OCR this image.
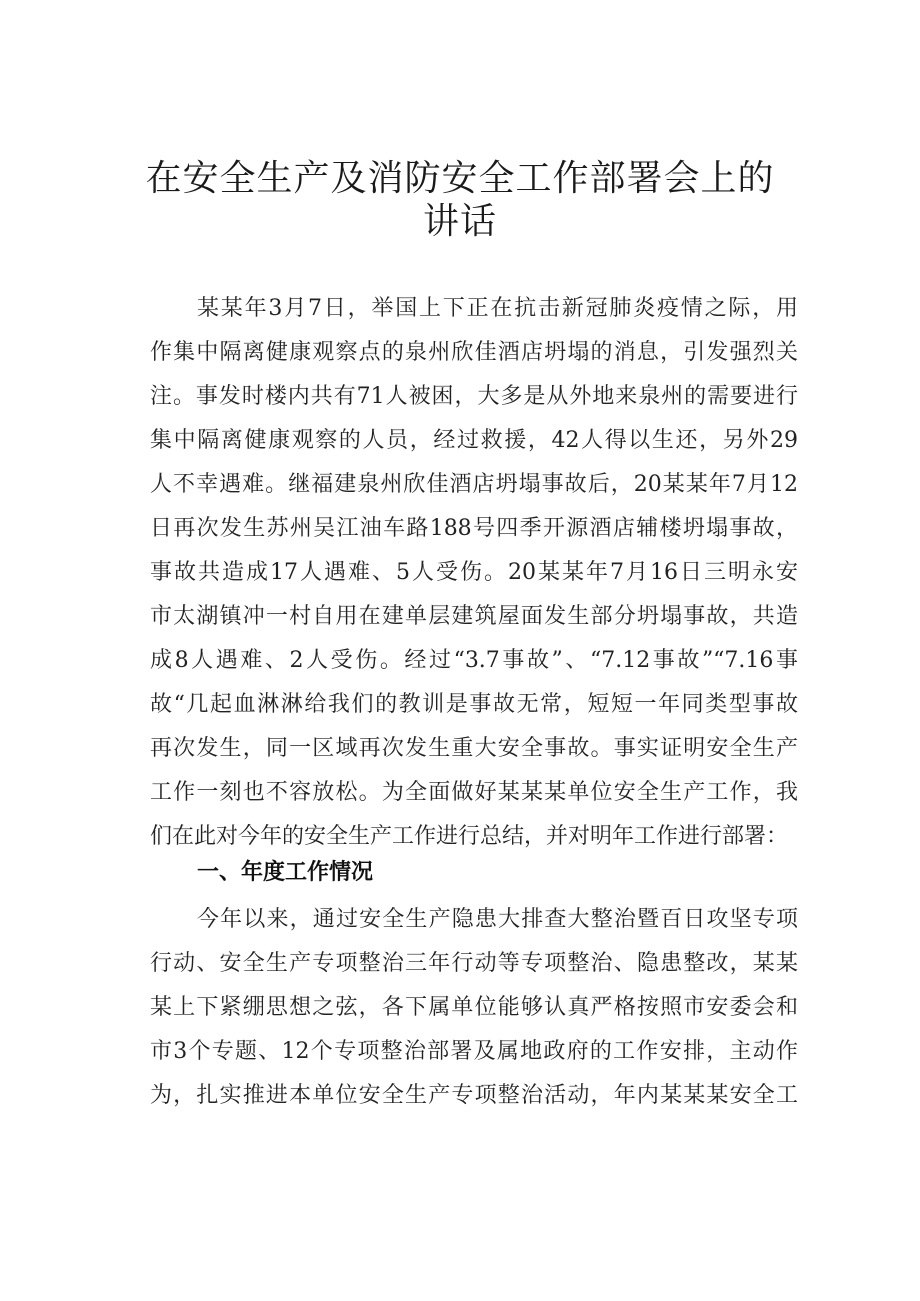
在安全生产及消防安全工作部署会上的
讲话
某某年3月7日，举国上下正在抗击新冠肺炎疫情之际，用
作集中隔离健康观察点的泉州欣佳酒店坍塌的消息，引发强烈关
注。事发时楼内共有71人被困，大多是从外地来泉州的需要进行
集中隔离健康观察的人员，经过救援，42人得以生还，另外29
人不幸遇难。继福建泉州欣佳酒店坍塌事故后，20某某年7月12
日再次发生苏州吴江油车路188号四季开源酒店辅楼坍塌事故，
事故共造成17人遇难、5人受伤。20某某年7月16日三明永安
市太湖镇冲一村自用在建单层建筑屋面发生部分坍塌事故，共造
成8人遇难、2人受伤。经过“3.7事故”、“7.12事故”“7.16事
故“几起血淋淋给我们的教训是事故无常，短短一年同类型事故
再次发生，同一区域再次发生重大安全事故。事实证明安全生产
工作一刻也不容放松。为全面做好某某某单位安全生产工作，我
们在此对今年的安全生产工作进行总结，并对明年工作进行部署：
一、年度工作情况
今年以来，通过安全生产隐患大排查大整治暨百日攻坚专项
行动、安全生产专项整治三年行动等专项整治、隐患整改，某某
某上下紧绷思想之弦，各下属单位能够认真严格按照市安委会和
市3个专题、12个专项整治部署及属地政府的工作安排，主动作
为，扎实推进本单位安全生产专项整治活动，年内某某某安全工
